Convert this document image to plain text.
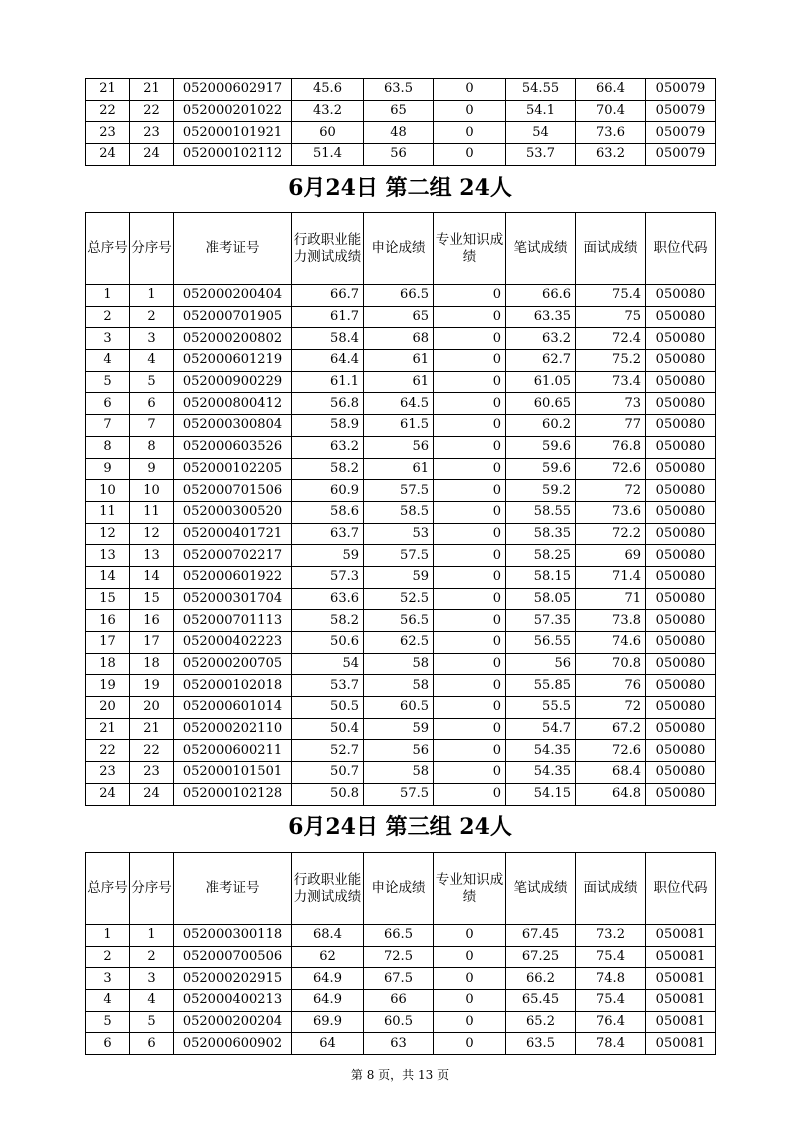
21	21	052000602917	45.6	63.5	0	54.55	66.4	050079
22	22	052000201022	43.2	65	0	54.1	70.4	050079
23	23	052000101921	60	48	0	54	73.6	050079
24	24	052000102112	51.4	56	0	53.7	63.2	050079
6月24日 第二组 24人
总序号	分序号	准考证号	行政职业能力测试成绩	申论成绩	专业知识成绩	笔试成绩	面试成绩	职位代码
1	1	052000200404	66.7	66.5	0	66.6	75.4	050080
2	2	052000701905	61.7	65	0	63.35	75	050080
3	3	052000200802	58.4	68	0	63.2	72.4	050080
4	4	052000601219	64.4	61	0	62.7	75.2	050080
5	5	052000900229	61.1	61	0	61.05	73.4	050080
6	6	052000800412	56.8	64.5	0	60.65	73	050080
7	7	052000300804	58.9	61.5	0	60.2	77	050080
8	8	052000603526	63.2	56	0	59.6	76.8	050080
9	9	052000102205	58.2	61	0	59.6	72.6	050080
10	10	052000701506	60.9	57.5	0	59.2	72	050080
11	11	052000300520	58.6	58.5	0	58.55	73.6	050080
12	12	052000401721	63.7	53	0	58.35	72.2	050080
13	13	052000702217	59	57.5	0	58.25	69	050080
14	14	052000601922	57.3	59	0	58.15	71.4	050080
15	15	052000301704	63.6	52.5	0	58.05	71	050080
16	16	052000701113	58.2	56.5	0	57.35	73.8	050080
17	17	052000402223	50.6	62.5	0	56.55	74.6	050080
18	18	052000200705	54	58	0	56	70.8	050080
19	19	052000102018	53.7	58	0	55.85	76	050080
20	20	052000601014	50.5	60.5	0	55.5	72	050080
21	21	052000202110	50.4	59	0	54.7	67.2	050080
22	22	052000600211	52.7	56	0	54.35	72.6	050080
23	23	052000101501	50.7	58	0	54.35	68.4	050080
24	24	052000102128	50.8	57.5	0	54.15	64.8	050080
6月24日 第三组 24人
总序号	分序号	准考证号	行政职业能力测试成绩	申论成绩	专业知识成绩	笔试成绩	面试成绩	职位代码
1	1	052000300118	68.4	66.5	0	67.45	73.2	050081
2	2	052000700506	62	72.5	0	67.25	75.4	050081
3	3	052000202915	64.9	67.5	0	66.2	74.8	050081
4	4	052000400213	64.9	66	0	65.45	75.4	050081
5	5	052000200204	69.9	60.5	0	65.2	76.4	050081
6	6	052000600902	64	63	0	63.5	78.4	050081
第 8 页，共 13 页
